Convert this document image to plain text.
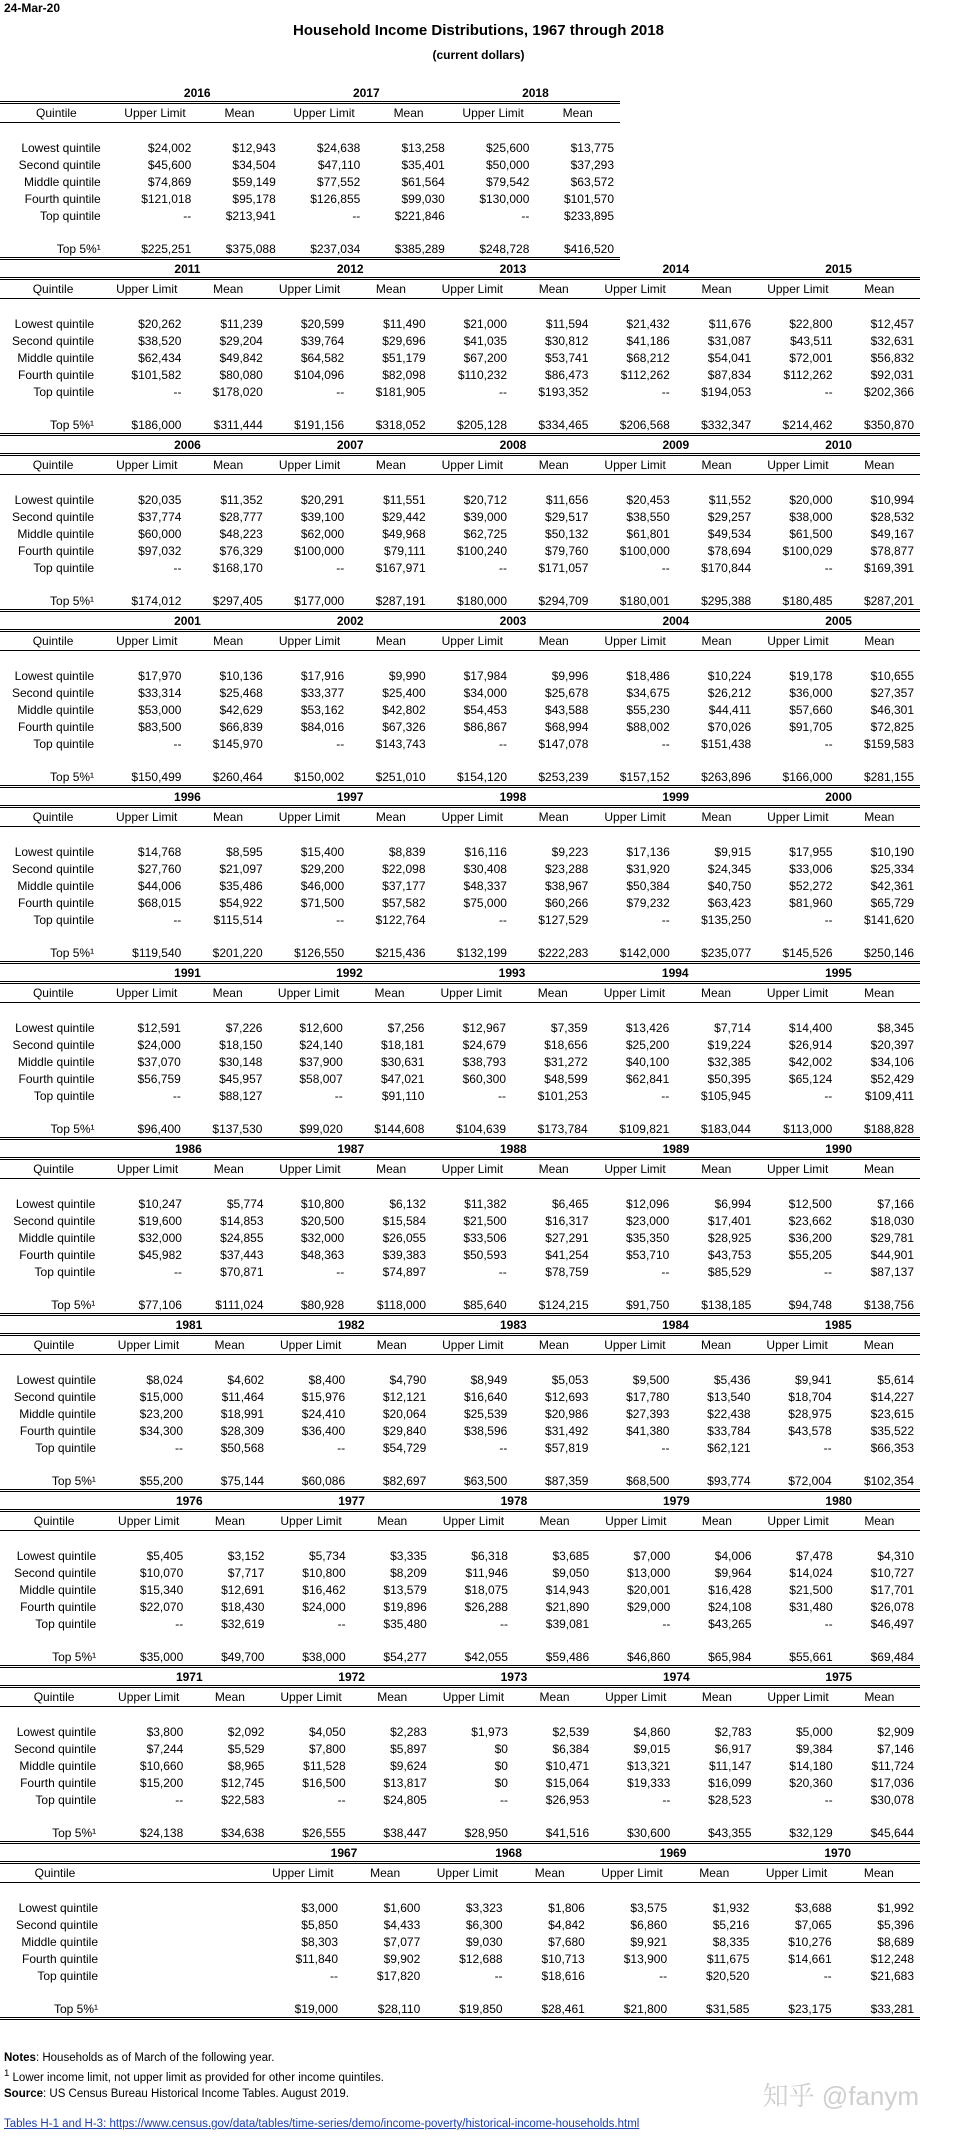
24-Mar-20
Household Income Distributions, 1967 through 2018
(current dollars)
	2016		2017		2018	
Quintile	Upper Limit	Mean	Upper Limit	Mean	Upper Limit	Mean

Lowest quintile	$24,002	$12,943	$24,638	$13,258	$25,600	$13,775
Second quintile	$45,600	$34,504	$47,110	$35,401	$50,000	$37,293
Middle quintile	$74,869	$59,149	$77,552	$61,564	$79,542	$63,572
Fourth quintile	$121,018	$95,178	$126,855	$99,030	$130,000	$101,570
Top quintile	--	$213,941	--	$221,846	--	$233,895

Top 5%¹	$225,251	$375,088	$237,034	$385,289	$248,728	$416,520
	2011		2012		2013		2014		2015	
Quintile	Upper Limit	Mean	Upper Limit	Mean	Upper Limit	Mean	Upper Limit	Mean	Upper Limit	Mean

Lowest quintile	$20,262	$11,239	$20,599	$11,490	$21,000	$11,594	$21,432	$11,676	$22,800	$12,457
Second quintile	$38,520	$29,204	$39,764	$29,696	$41,035	$30,812	$41,186	$31,087	$43,511	$32,631
Middle quintile	$62,434	$49,842	$64,582	$51,179	$67,200	$53,741	$68,212	$54,041	$72,001	$56,832
Fourth quintile	$101,582	$80,080	$104,096	$82,098	$110,232	$86,473	$112,262	$87,834	$112,262	$92,031
Top quintile	--	$178,020	--	$181,905	--	$193,352	--	$194,053	--	$202,366

Top 5%¹	$186,000	$311,444	$191,156	$318,052	$205,128	$334,465	$206,568	$332,347	$214,462	$350,870
	2006		2007		2008		2009		2010	
Quintile	Upper Limit	Mean	Upper Limit	Mean	Upper Limit	Mean	Upper Limit	Mean	Upper Limit	Mean

Lowest quintile	$20,035	$11,352	$20,291	$11,551	$20,712	$11,656	$20,453	$11,552	$20,000	$10,994
Second quintile	$37,774	$28,777	$39,100	$29,442	$39,000	$29,517	$38,550	$29,257	$38,000	$28,532
Middle quintile	$60,000	$48,223	$62,000	$49,968	$62,725	$50,132	$61,801	$49,534	$61,500	$49,167
Fourth quintile	$97,032	$76,329	$100,000	$79,111	$100,240	$79,760	$100,000	$78,694	$100,029	$78,877
Top quintile	--	$168,170	--	$167,971	--	$171,057	--	$170,844	--	$169,391

Top 5%¹	$174,012	$297,405	$177,000	$287,191	$180,000	$294,709	$180,001	$295,388	$180,485	$287,201
	2001		2002		2003		2004		2005	
Quintile	Upper Limit	Mean	Upper Limit	Mean	Upper Limit	Mean	Upper Limit	Mean	Upper Limit	Mean

Lowest quintile	$17,970	$10,136	$17,916	$9,990	$17,984	$9,996	$18,486	$10,224	$19,178	$10,655
Second quintile	$33,314	$25,468	$33,377	$25,400	$34,000	$25,678	$34,675	$26,212	$36,000	$27,357
Middle quintile	$53,000	$42,629	$53,162	$42,802	$54,453	$43,588	$55,230	$44,411	$57,660	$46,301
Fourth quintile	$83,500	$66,839	$84,016	$67,326	$86,867	$68,994	$88,002	$70,026	$91,705	$72,825
Top quintile	--	$145,970	--	$143,743	--	$147,078	--	$151,438	--	$159,583

Top 5%¹	$150,499	$260,464	$150,002	$251,010	$154,120	$253,239	$157,152	$263,896	$166,000	$281,155
	1996		1997		1998		1999		2000	
Quintile	Upper Limit	Mean	Upper Limit	Mean	Upper Limit	Mean	Upper Limit	Mean	Upper Limit	Mean

Lowest quintile	$14,768	$8,595	$15,400	$8,839	$16,116	$9,223	$17,136	$9,915	$17,955	$10,190
Second quintile	$27,760	$21,097	$29,200	$22,098	$30,408	$23,288	$31,920	$24,345	$33,006	$25,334
Middle quintile	$44,006	$35,486	$46,000	$37,177	$48,337	$38,967	$50,384	$40,750	$52,272	$42,361
Fourth quintile	$68,015	$54,922	$71,500	$57,582	$75,000	$60,266	$79,232	$63,423	$81,960	$65,729
Top quintile	--	$115,514	--	$122,764	--	$127,529	--	$135,250	--	$141,620

Top 5%¹	$119,540	$201,220	$126,550	$215,436	$132,199	$222,283	$142,000	$235,077	$145,526	$250,146
	1991		1992		1993		1994		1995	
Quintile	Upper Limit	Mean	Upper Limit	Mean	Upper Limit	Mean	Upper Limit	Mean	Upper Limit	Mean

Lowest quintile	$12,591	$7,226	$12,600	$7,256	$12,967	$7,359	$13,426	$7,714	$14,400	$8,345
Second quintile	$24,000	$18,150	$24,140	$18,181	$24,679	$18,656	$25,200	$19,224	$26,914	$20,397
Middle quintile	$37,070	$30,148	$37,900	$30,631	$38,793	$31,272	$40,100	$32,385	$42,002	$34,106
Fourth quintile	$56,759	$45,957	$58,007	$47,021	$60,300	$48,599	$62,841	$50,395	$65,124	$52,429
Top quintile	--	$88,127	--	$91,110	--	$101,253	--	$105,945	--	$109,411

Top 5%¹	$96,400	$137,530	$99,020	$144,608	$104,639	$173,784	$109,821	$183,044	$113,000	$188,828
	1986		1987		1988		1989		1990	
Quintile	Upper Limit	Mean	Upper Limit	Mean	Upper Limit	Mean	Upper Limit	Mean	Upper Limit	Mean

Lowest quintile	$10,247	$5,774	$10,800	$6,132	$11,382	$6,465	$12,096	$6,994	$12,500	$7,166
Second quintile	$19,600	$14,853	$20,500	$15,584	$21,500	$16,317	$23,000	$17,401	$23,662	$18,030
Middle quintile	$32,000	$24,855	$32,000	$26,055	$33,506	$27,291	$35,350	$28,925	$36,200	$29,781
Fourth quintile	$45,982	$37,443	$48,363	$39,383	$50,593	$41,254	$53,710	$43,753	$55,205	$44,901
Top quintile	--	$70,871	--	$74,897	--	$78,759	--	$85,529	--	$87,137

Top 5%¹	$77,106	$111,024	$80,928	$118,000	$85,640	$124,215	$91,750	$138,185	$94,748	$138,756
	1981		1982		1983		1984		1985	
Quintile	Upper Limit	Mean	Upper Limit	Mean	Upper Limit	Mean	Upper Limit	Mean	Upper Limit	Mean

Lowest quintile	$8,024	$4,602	$8,400	$4,790	$8,949	$5,053	$9,500	$5,436	$9,941	$5,614
Second quintile	$15,000	$11,464	$15,976	$12,121	$16,640	$12,693	$17,780	$13,540	$18,704	$14,227
Middle quintile	$23,200	$18,991	$24,410	$20,064	$25,539	$20,986	$27,393	$22,438	$28,975	$23,615
Fourth quintile	$34,300	$28,309	$36,400	$29,840	$38,596	$31,492	$41,380	$33,784	$43,578	$35,522
Top quintile	--	$50,568	--	$54,729	--	$57,819	--	$62,121	--	$66,353

Top 5%¹	$55,200	$75,144	$60,086	$82,697	$63,500	$87,359	$68,500	$93,774	$72,004	$102,354
	1976		1977		1978		1979		1980	
Quintile	Upper Limit	Mean	Upper Limit	Mean	Upper Limit	Mean	Upper Limit	Mean	Upper Limit	Mean

Lowest quintile	$5,405	$3,152	$5,734	$3,335	$6,318	$3,685	$7,000	$4,006	$7,478	$4,310
Second quintile	$10,070	$7,717	$10,800	$8,209	$11,946	$9,050	$13,000	$9,964	$14,024	$10,727
Middle quintile	$15,340	$12,691	$16,462	$13,579	$18,075	$14,943	$20,001	$16,428	$21,500	$17,701
Fourth quintile	$22,070	$18,430	$24,000	$19,896	$26,288	$21,890	$29,000	$24,108	$31,480	$26,078
Top quintile	--	$32,619	--	$35,480	--	$39,081	--	$43,265	--	$46,497

Top 5%¹	$35,000	$49,700	$38,000	$54,277	$42,055	$59,486	$46,860	$65,984	$55,661	$69,484
	1971		1972		1973		1974		1975	
Quintile	Upper Limit	Mean	Upper Limit	Mean	Upper Limit	Mean	Upper Limit	Mean	Upper Limit	Mean

Lowest quintile	$3,800	$2,092	$4,050	$2,283	$1,973	$2,539	$4,860	$2,783	$5,000	$2,909
Second quintile	$7,244	$5,529	$7,800	$5,897	$0	$6,384	$9,015	$6,917	$9,384	$7,146
Middle quintile	$10,660	$8,965	$11,528	$9,624	$0	$10,471	$13,321	$11,147	$14,180	$11,724
Fourth quintile	$15,200	$12,745	$16,500	$13,817	$0	$15,064	$19,333	$16,099	$20,360	$17,036
Top quintile	--	$22,583	--	$24,805	--	$26,953	--	$28,523	--	$30,078

Top 5%¹	$24,138	$34,638	$26,555	$38,447	$28,950	$41,516	$30,600	$43,355	$32,129	$45,644
			1967		1968		1969		1970	
Quintile			Upper Limit	Mean	Upper Limit	Mean	Upper Limit	Mean	Upper Limit	Mean

Lowest quintile			$3,000	$1,600	$3,323	$1,806	$3,575	$1,932	$3,688	$1,992
Second quintile			$5,850	$4,433	$6,300	$4,842	$6,860	$5,216	$7,065	$5,396
Middle quintile			$8,303	$7,077	$9,030	$7,680	$9,921	$8,335	$10,276	$8,689
Fourth quintile			$11,840	$9,902	$12,688	$10,713	$13,900	$11,675	$14,661	$12,248
Top quintile			--	$17,820	--	$18,616	--	$20,520	--	$21,683

Top 5%¹			$19,000	$28,110	$19,850	$28,461	$21,800	$31,585	$23,175	$33,281
Notes: Households as of March of the following year.
$^1$ Lower income limit, not upper limit as provided for other income quintiles.
Source: US Census Bureau Historical Income Tables. August 2019.
Tables H-1 and H-3: https://www.census.gov/data/tables/time-series/demo/income-poverty/historical-income-households.html
知乎 @fanym
